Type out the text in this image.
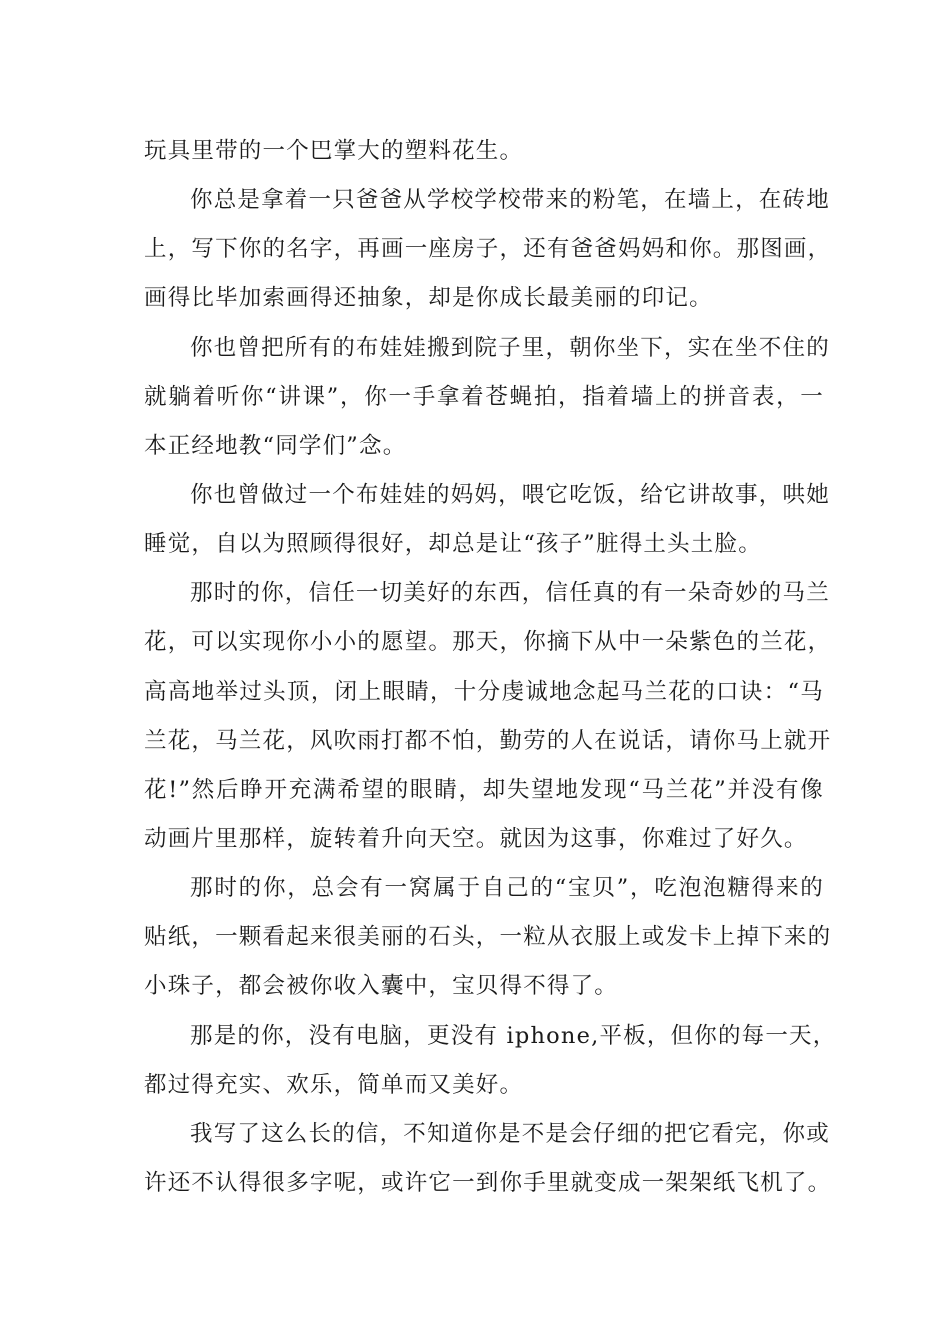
玩具里带的一个巴掌大的塑料花生。
你总是拿着一只爸爸从学校学校带来的粉笔，在墙上，在砖地
上，写下你的名字，再画一座房子，还有爸爸妈妈和你。那图画，
画得比毕加索画得还抽象，却是你成长最美丽的印记。
你也曾把所有的布娃娃搬到院子里，朝你坐下，实在坐不住的
就躺着听你“讲课”，你一手拿着苍蝇拍，指着墙上的拼音表，一
本正经地教“同学们”念。
你也曾做过一个布娃娃的妈妈，喂它吃饭，给它讲故事，哄她
睡觉，自以为照顾得很好，却总是让“孩子”脏得土头土脸。
那时的你，信任一切美好的东西，信任真的有一朵奇妙的马兰
花，可以实现你小小的愿望。那天，你摘下从中一朵紫色的兰花，
高高地举过头顶，闭上眼睛，十分虔诚地念起马兰花的口诀：“马
兰花，马兰花，风吹雨打都不怕，勤劳的人在说话，请你马上就开
花!”然后睁开充满希望的眼睛，却失望地发现“马兰花”并没有像
动画片里那样，旋转着升向天空。就因为这事，你难过了好久。
那时的你，总会有一窝属于自己的“宝贝”，吃泡泡糖得来的
贴纸，一颗看起来很美丽的石头，一粒从衣服上或发卡上掉下来的
小珠子，都会被你收入囊中，宝贝得不得了。
那是的你，没有电脑，更没有 iphone,平板，但你的每一天，
都过得充实、欢乐，简单而又美好。
我写了这么长的信，不知道你是不是会仔细的把它看完，你或
许还不认得很多字呢，或许它一到你手里就变成一架架纸飞机了。
